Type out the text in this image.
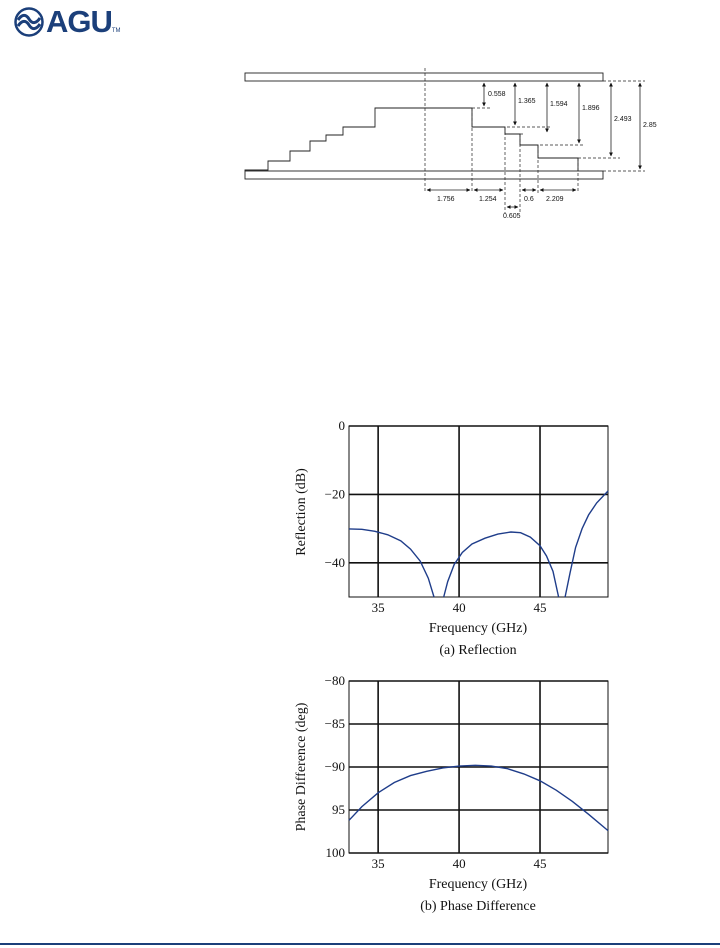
AGU TM
0.558
1.365 1.594
1.896
2.493
2.85
1.756	1.254
0.605
0.6 2.209
35	40	45
0
−20
−40
Frequency (GHz)
Reflection (dB)
(a) Reflection
35	40	45
−80
−85
−90
95
100
Frequency (GHz)
Phase Difference (deg)
(b) Phase Difference
